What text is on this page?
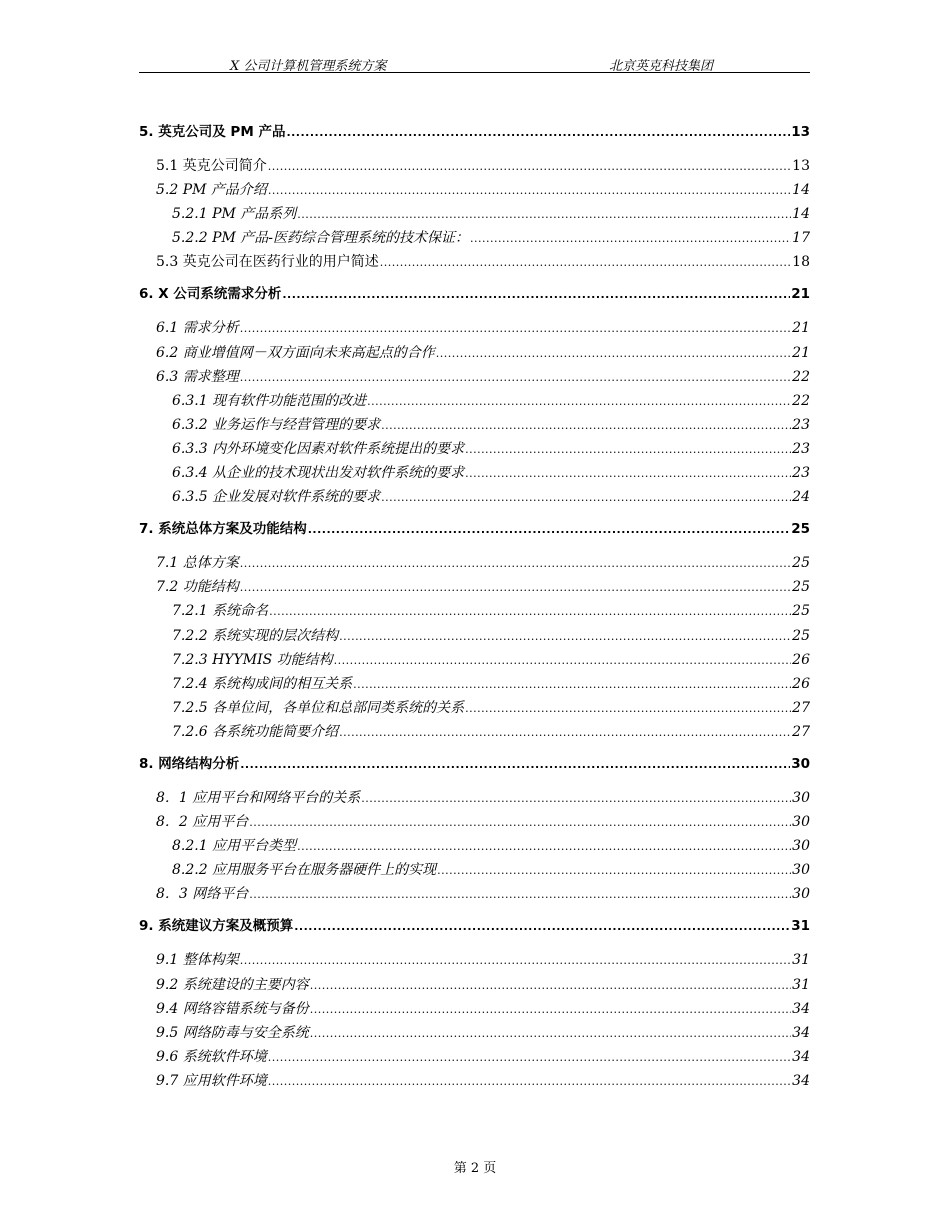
X 公司计算机管理系统方案	北京英克科技集团
5. 英克公司及 PM 产品 .....	13
5.1 英克公司简介 .....	13
5.2 PM 产品介绍 .....	14
5.2.1 PM 产品系列 .....	14
5.2.2 PM 产品-医药综合管理系统的技术保证： .....	17
5.3 英克公司在医药行业的用户简述 .....	18
6. X 公司系统需求分析 .....	21
6.1 需求分析 .....	21
6.2 商业增值网－双方面向未来高起点的合作 .....	21
6.3 需求整理 .....	22
6.3.1 现有软件功能范围的改进 .....	22
6.3.2 业务运作与经营管理的要求 .....	23
6.3.3 内外环境变化因素对软件系统提出的要求 .....	23
6.3.4 从企业的技术现状出发对软件系统的要求 .....	23
6.3.5 企业发展对软件系统的要求 .....	24
7. 系统总体方案及功能结构 .....	25
7.1 总体方案 .....	25
7.2 功能结构 .....	25
7.2.1 系统命名 .....	25
7.2.2 系统实现的层次结构 .....	25
7.2.3 HYYMIS 功能结构 .....	26
7.2.4 系统构成间的相互关系 .....	26
7.2.5 各单位间，各单位和总部同类系统的关系 .....	27
7.2.6 各系统功能简要介绍 .....	27
8. 网络结构分析 .....	30
8．1 应用平台和网络平台的关系 .....	30
8．2 应用平台 .....	30
8.2.1 应用平台类型 .....	30
8.2.2 应用服务平台在服务器硬件上的实现 .....	30
8．3 网络平台 .....	30
9. 系统建议方案及概预算 .....	31
9.1 整体构架 .....	31
9.2 系统建设的主要内容 .....	31
9.4 网络容错系统与备份 .....	34
9.5 网络防毒与安全系统 .....	34
9.6 系统软件环境 .....	34
9.7 应用软件环境 .....	34
第 2 页
